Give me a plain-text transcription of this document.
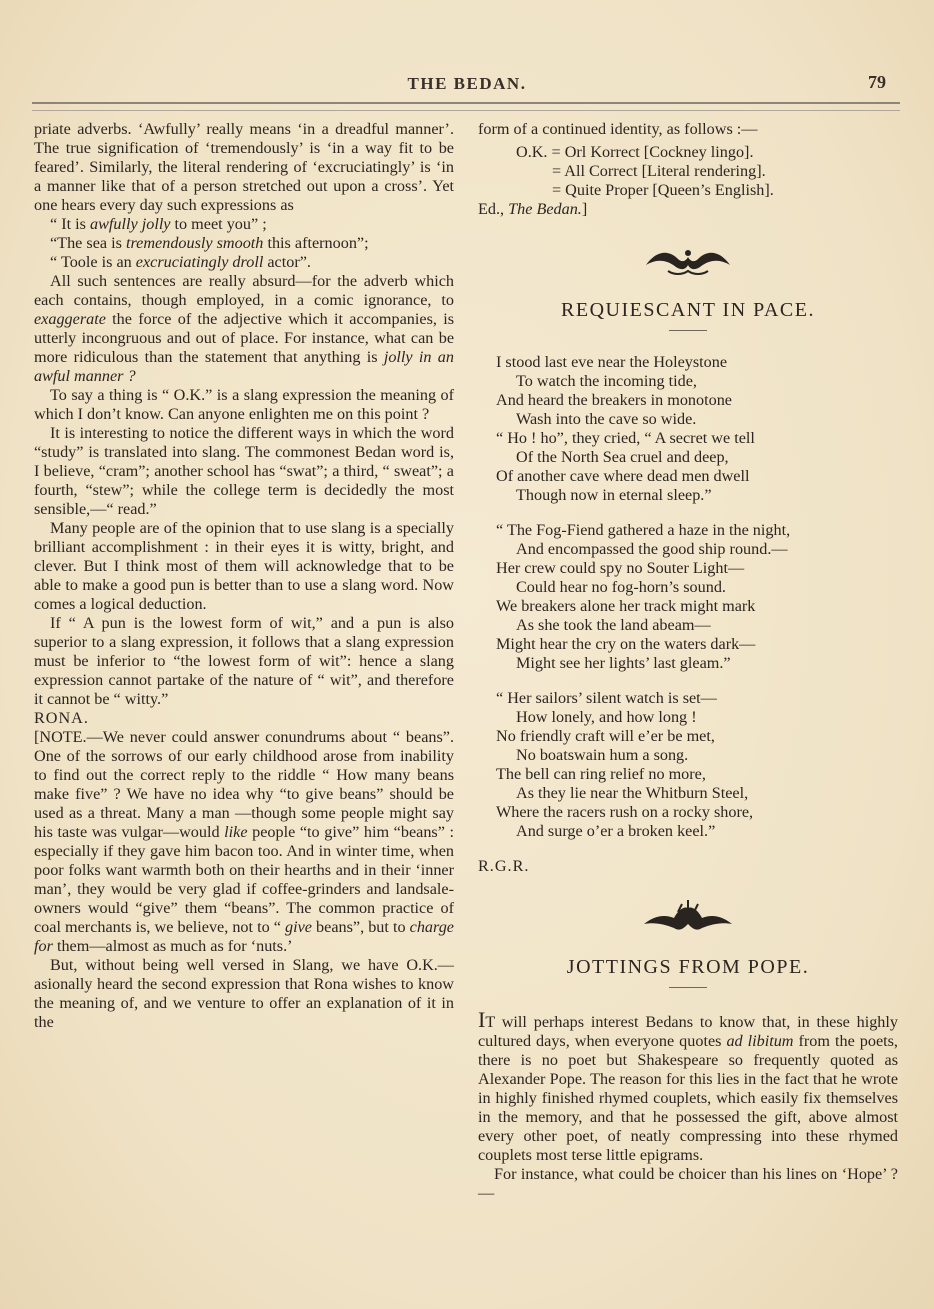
THE BEDAN.	79

priate adverbs. ‘Awfully’ really means ‘in a dreadful manner’. The true signification of ‘tremendously’ is ‘in a way fit to be feared’. Similarly, the literal rendering of ‘excruciatingly’ is ‘in a manner like that of a person stretched out upon a cross’. Yet one hears every day such expressions as

“ It is awfully jolly to meet you” ;

“The sea is tremendously smooth this afternoon”;

“ Toole is an excruciatingly droll actor”.

All such sentences are really absurd—for the adverb which each contains, though employed, in a comic ignorance, to exaggerate the force of the adjective which it accompanies, is utterly incongruous and out of place. For instance, what can be more ridiculous than the statement that anything is jolly in an awful manner ?

To say a thing is “ O.K.” is a slang expression the meaning of which I don’t know. Can anyone enlighten me on this point ?

It is interesting to notice the different ways in which the word “study” is translated into slang. The commonest Bedan word is, I believe, “cram”; another school has “swat”; a third, “ sweat”; a fourth, “stew”; while the college term is decidedly the most sensible,—“ read.”

Many people are of the opinion that to use slang is a specially brilliant accomplishment : in their eyes it is witty, bright, and clever. But I think most of them will acknowledge that to be able to make a good pun is better than to use a slang word. Now comes a logical deduction.

If “ A pun is the lowest form of wit,” and a pun is also superior to a slang expression, it follows that a slang expression must be inferior to “the lowest form of wit”: hence a slang expression cannot partake of the nature of “ wit”, and therefore it cannot be “ witty.”

RONA.

[NOTE.—We never could answer conundrums about “ beans”. One of the sorrows of our early childhood arose from inability to find out the correct reply to the riddle “ How many beans make five” ? We have no idea why “to give beans” should be used as a threat. Many a man —though some people might say his taste was vulgar—would like people “to give” him “beans” : especially if they gave him bacon too. And in winter time, when poor folks want warmth both on their hearths and in their ‘inner man’, they would be very glad if coffee-grinders and landsale-owners would “give” them “beans”. The common practice of coal merchants is, we believe, not to “ give beans”, but to charge for them—almost as much as for ‘nuts.’

But, without being well versed in Slang, we have O.K.—asionally heard the second expression that Rona wishes to know the meaning of, and we venture to offer an explanation of it in the

form of a continued identity, as follows :—

O.K. = Orl Korrect [Cockney lingo].
= All Correct [Literal rendering].
= Quite Proper [Queen’s English].

Ed., The Bedan.]

REQUIESCANT IN PACE.

I stood last eve near the Holeystone

To watch the incoming tide,

And heard the breakers in monotone

Wash into the cave so wide.

“ Ho ! ho”, they cried, “ A secret we tell

Of the North Sea cruel and deep,

Of another cave where dead men dwell

Though now in eternal sleep.”

“ The Fog-Fiend gathered a haze in the night,

And encompassed the good ship round.—

Her crew could spy no Souter Light—

Could hear no fog-horn’s sound.

We breakers alone her track might mark

As she took the land abeam—

Might hear the cry on the waters dark—

Might see her lights’ last gleam.”

“ Her sailors’ silent watch is set—

How lonely, and how long !

No friendly craft will e’er be met,

No boatswain hum a song.

The bell can ring relief no more,

As they lie near the Whitburn Steel,

Where the racers rush on a rocky shore,

And surge o’er a broken keel.”

R.G.R.

JOTTINGS FROM POPE.

IT will perhaps interest Bedans to know that, in these highly cultured days, when everyone quotes ad libitum from the poets, there is no poet but Shakespeare so frequently quoted as Alexander Pope. The reason for this lies in the fact that he wrote in highly finished rhymed couplets, which easily fix themselves in the memory, and that he possessed the gift, above almost every other poet, of neatly compressing into these rhymed couplets most terse little epigrams.

For instance, what could be choicer than his lines on ‘Hope’ ?—
